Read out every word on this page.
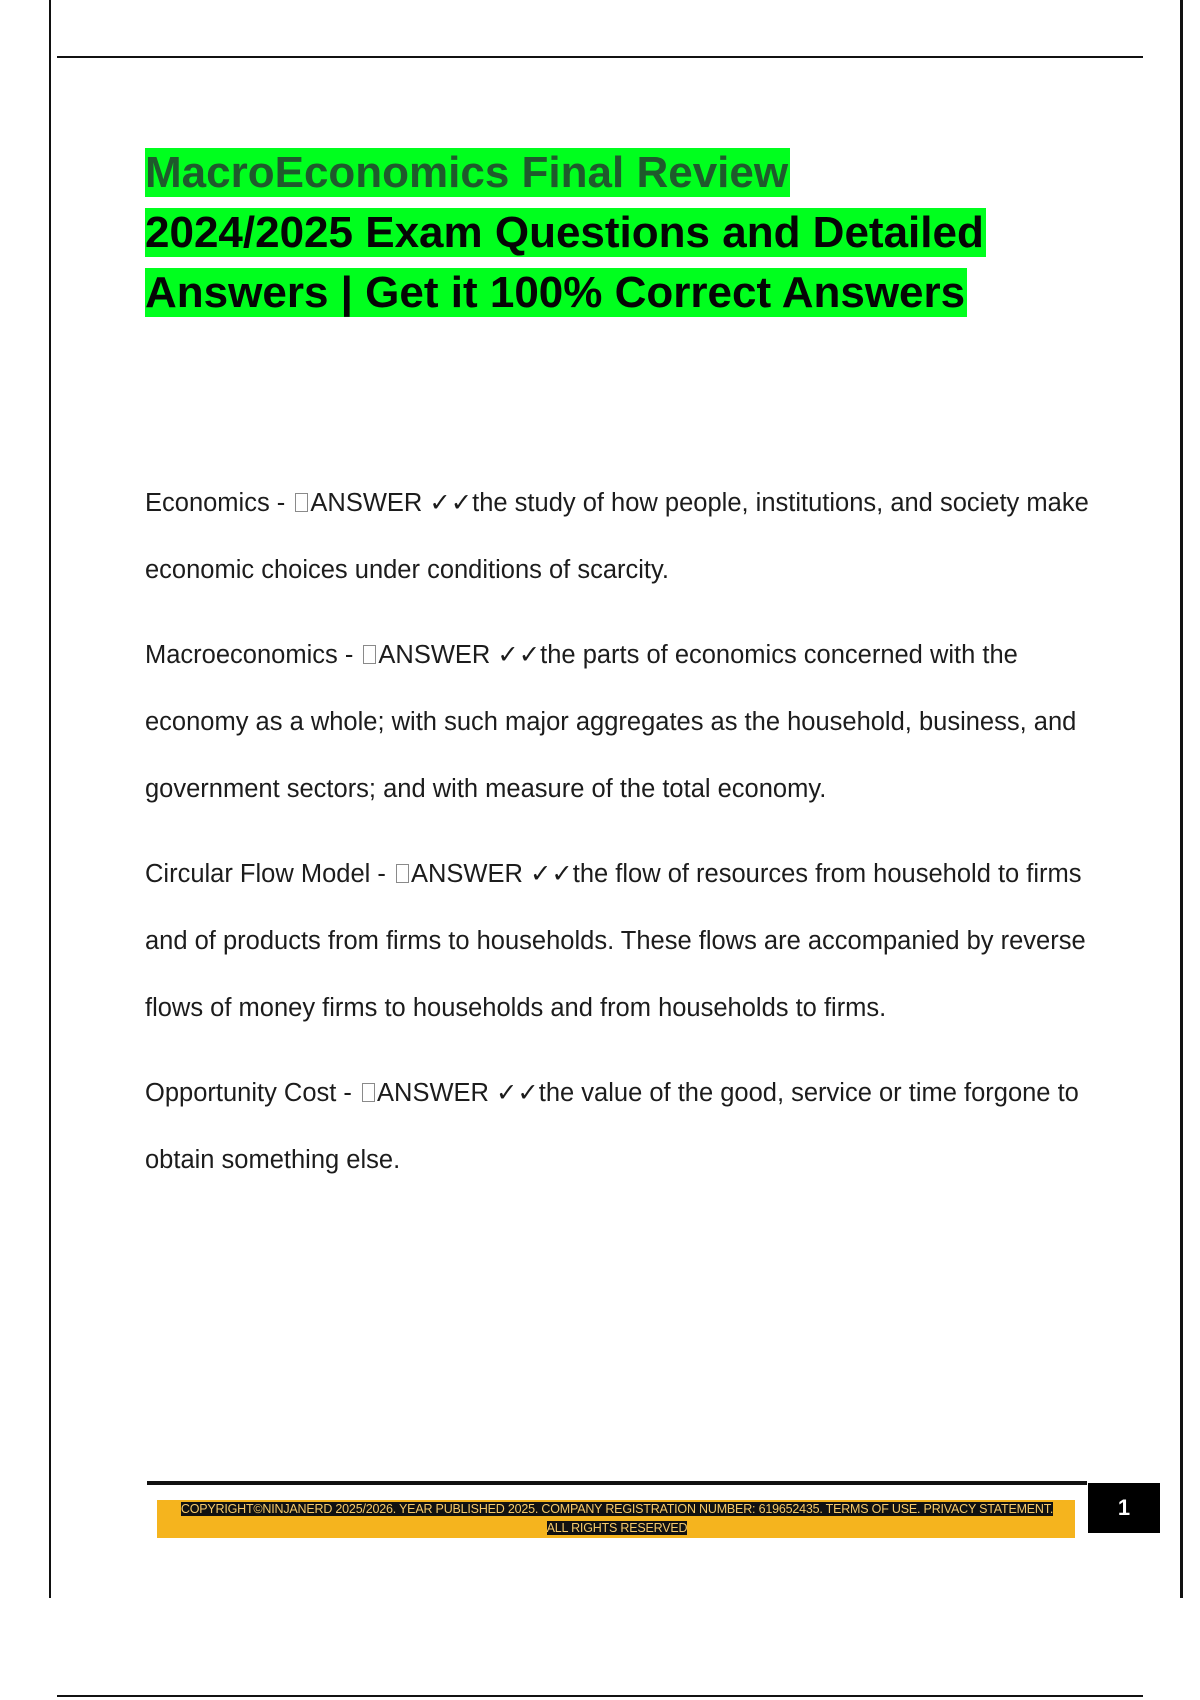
MacroEconomics Final Review
2024/2025 Exam Questions and Detailed
Answers | Get it 100% Correct Answers

Economics - ANSWER ✓✓the study of how people, institutions, and society make economic choices under conditions of scarcity.

Macroeconomics - ANSWER ✓✓the parts of economics concerned with the economy as a whole; with such major aggregates as the household, business, and government sectors; and with measure of the total economy.

Circular Flow Model - ANSWER ✓✓the flow of resources from household to firms and of products from firms to households. These flows are accompanied by reverse flows of money firms to households and from households to firms.

Opportunity Cost - ANSWER ✓✓the value of the good, service or time forgone to obtain something else.

COPYRIGHT©NINJANERD 2025/2026. YEAR PUBLISHED 2025. COMPANY REGISTRATION NUMBER: 619652435. TERMS OF USE. PRIVACY STATEMENT. ALL RIGHTS RESERVED
1
